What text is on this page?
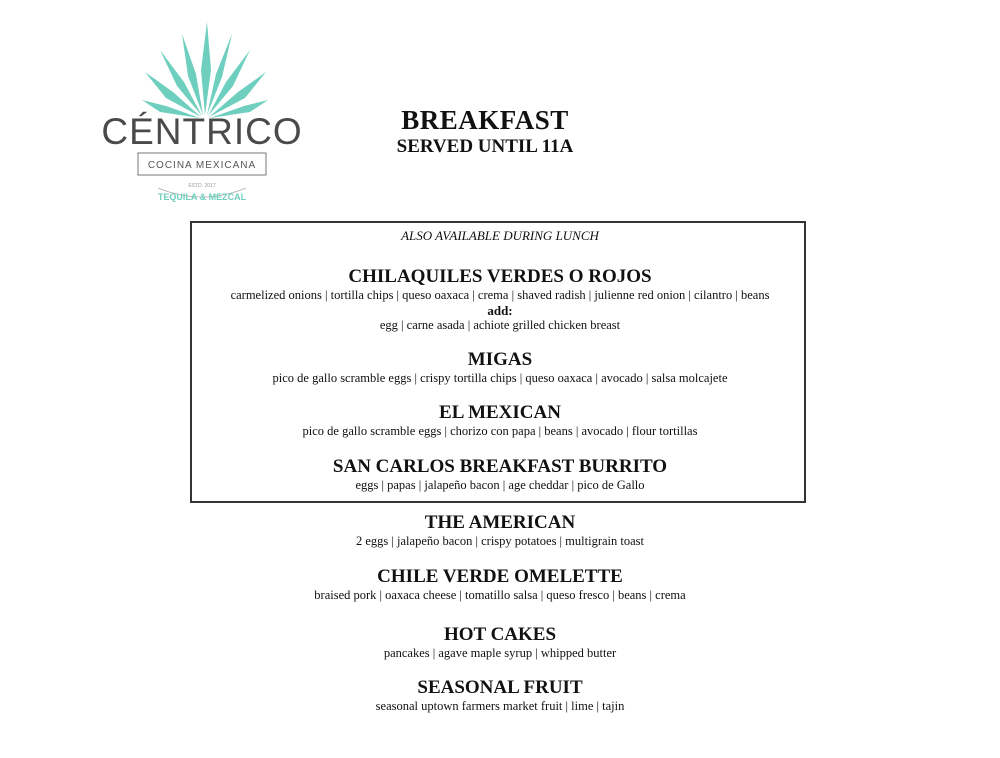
CÉNTRICO
COCINA MEXICANA
ESTD. 2017
TEQUILA & MEZCAL
BREAKFAST
SERVED UNTIL 11A
ALSO AVAILABLE DURING LUNCH
CHILAQUILES VERDES O ROJOS
carmelized onions | tortilla chips | queso oaxaca | crema | shaved radish | julienne red onion | cilantro | beans
add:
egg | carne asada | achiote grilled chicken breast
MIGAS
pico de gallo scramble eggs | crispy tortilla chips | queso oaxaca | avocado | salsa molcajete
EL MEXICAN
pico de gallo scramble eggs | chorizo con papa | beans | avocado | flour tortillas
SAN CARLOS BREAKFAST BURRITO
eggs | papas | jalapeño bacon | age cheddar | pico de Gallo
THE AMERICAN
2 eggs | jalapeño bacon | crispy potatoes | multigrain toast
CHILE VERDE OMELETTE
braised pork | oaxaca cheese | tomatillo salsa | queso fresco | beans | crema
HOT CAKES
pancakes | agave maple syrup | whipped butter
SEASONAL FRUIT
seasonal uptown farmers market fruit | lime | tajin
